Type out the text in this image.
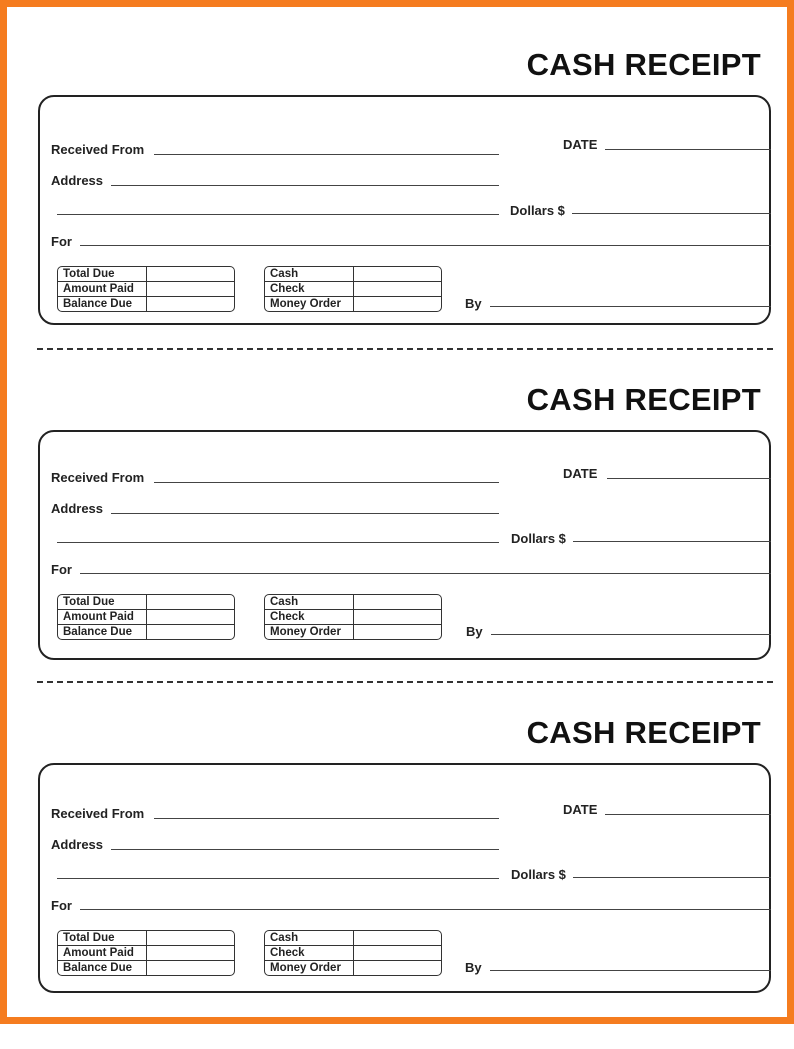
CASH RECEIPT
Received From	DATE
Address
Dollars $
For
Total Due
Amount Paid
Balance Due
Cash
Check
Money Order	By
CASH RECEIPT
Received From	DATE
Address
Dollars $
For
Total Due
Amount Paid
Balance Due
Cash
Check
Money Order	By
CASH RECEIPT
Received From	DATE
Address
Dollars $
For
Total Due
Amount Paid
Balance Due
Cash
Check
Money Order	By
